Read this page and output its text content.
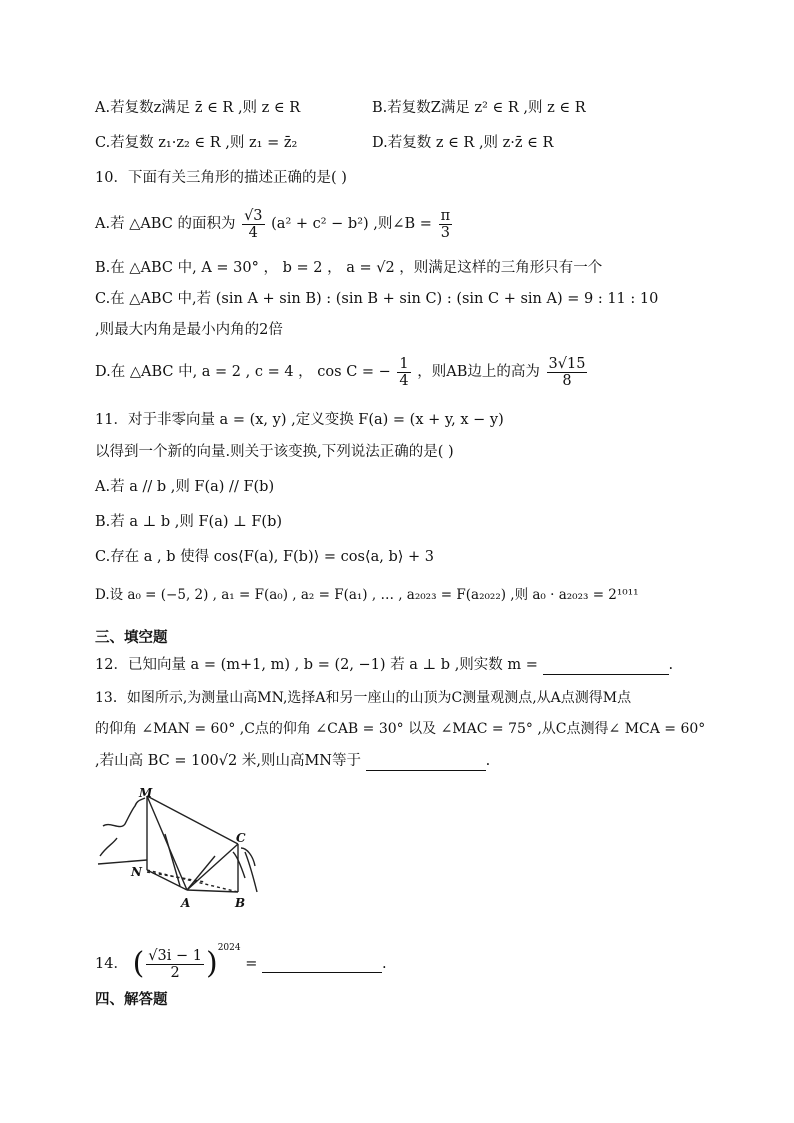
A.若复数z满足 z̄ ∈ R ,则 z ∈ R	B.若复数Z满足 z² ∈ R ,则 z ∈ R
C.若复数 z₁·z₂ ∈ R ,则 z₁ = z̄₂	D.若复数 z ∈ R ,则 z·z̄ ∈ R
10．下面有关三角形的描述正确的是( )
A.若 △ABC 的面积为 $\frac{√3}{4} (a^2 + c^2 - b^2)$ ,则∠B = $\frac{\pi}{3}$
B.在 △ABC 中, A = 30° ， b = 2 ， a = √2 ，则满足这样的三角形只有一个
C.在 △ABC 中,若 (sin A + sin B) : (sin B + sin C) : (sin C + sin A) = 9 : 11 : 10
,则最大内角是最小内角的2倍
D.在 △ABC 中, a = 2 , c = 4 ， cos C = − $\frac{1}{4}$ ，则AB边上的高为 $\frac{3√15}{8}$
11．对于非零向量 a = (x, y) ,定义变换 F(a) = (x + y, x − y)
以得到一个新的向量.则关于该变换,下列说法正确的是( )
A.若 a // b ,则 F(a) // F(b)
B.若 a ⊥ b ,则 F(a) ⊥ F(b)
C.存在 a , b 使得 cos⟨F(a), F(b)⟩ = cos⟨a, b⟩ + 3
D.设 a₀ = (−5, 2) , a₁ = F(a₀) , a₂ = F(a₁) , … , a₂₀₂₃ = F(a₂₀₂₂) ,则 a₀ · a₂₀₂₃ = 2¹⁰¹¹
三、填空题
12．已知向量 a = (m+1, m) , b = (2, −1) 若 a ⊥ b ,则实数 m =	.
13．如图所示,为测量山高MN,选择A和另一座山的山顶为C测量观测点,从A点测得M点
的仰角 ∠MAN = 60° ,C点的仰角 ∠CAB = 30° 以及 ∠MAC = 75° ,从C点测得∠ MCA = 60°
,若山高 BC = 100√2 米,则山高MN等于	.
M
N
A	B
C
14． ( $\frac{√3i - 1}{2} )^{2024}$ =	.
四、解答题
